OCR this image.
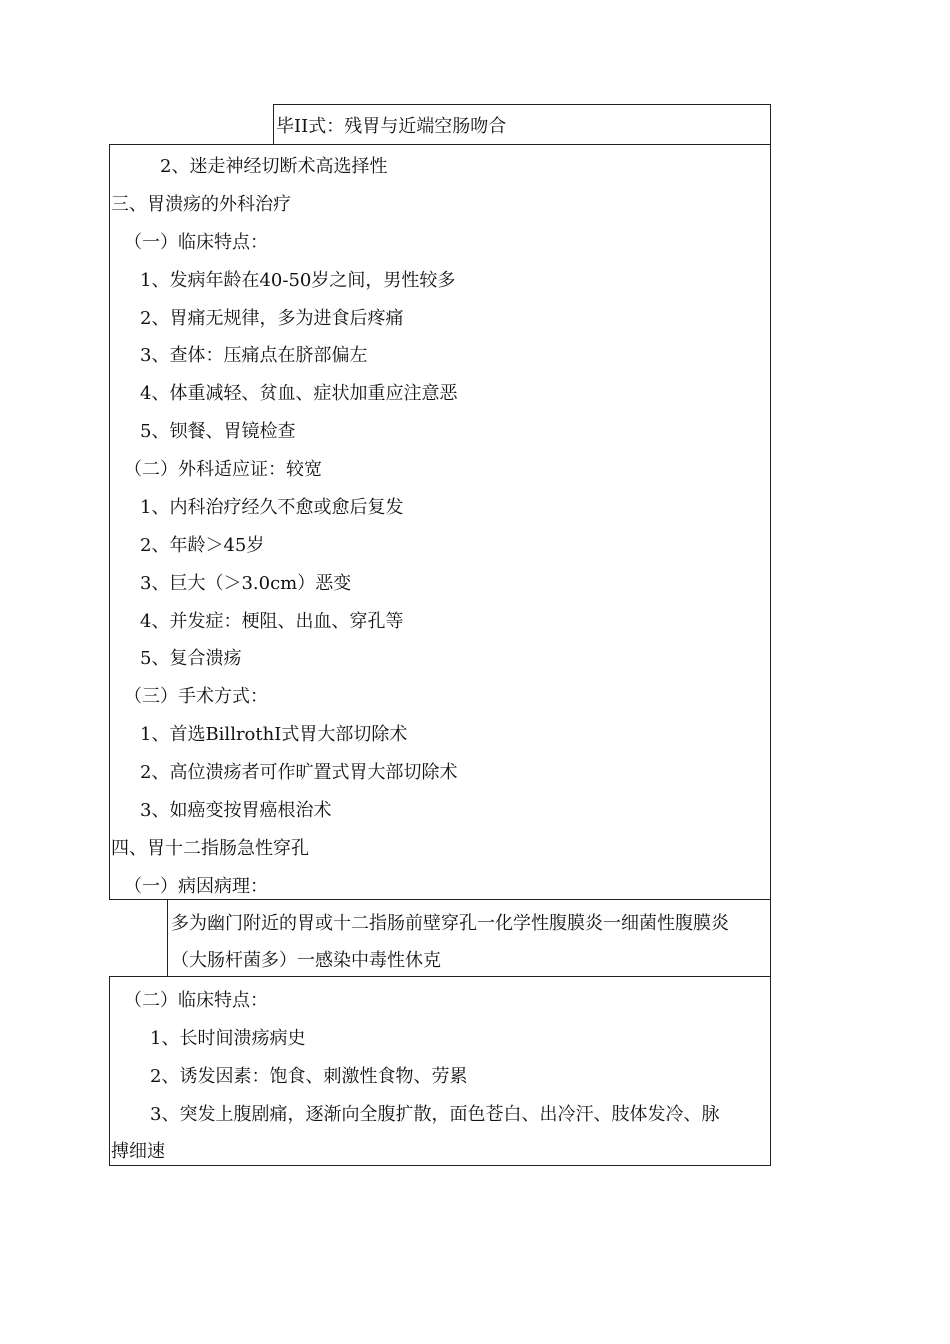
毕II式：残胃与近端空肠吻合
2、迷走神经切断术高选择性
三、胃溃疡的外科治疗
（一）临床特点：
1、发病年龄在40-50岁之间，男性较多
2、胃痛无规律，多为进食后疼痛
3、查体：压痛点在脐部偏左
4、体重减轻、贫血、症状加重应注意恶
5、钡餐、胃镜检查
（二）外科适应证：较宽
1、内科治疗经久不愈或愈后复发
2、年龄＞45岁
3、巨大（＞3.0cm）恶变
4、并发症：梗阻、出血、穿孔等
5、复合溃疡
（三）手术方式：
1、首选BillrothI式胃大部切除术
2、高位溃疡者可作旷置式胃大部切除术
3、如癌变按胃癌根治术
四、胃十二指肠急性穿孔
（一）病因病理：
多为幽门附近的胃或十二指肠前壁穿孔一化学性腹膜炎一细菌性腹膜炎
（大肠杆菌多）一感染中毒性休克
（二）临床特点：
1、长时间溃疡病史
2、诱发因素：饱食、刺激性食物、劳累
3、突发上腹剧痛，逐渐向全腹扩散，面色苍白、出冷汗、肢体发冷、脉
搏细速
